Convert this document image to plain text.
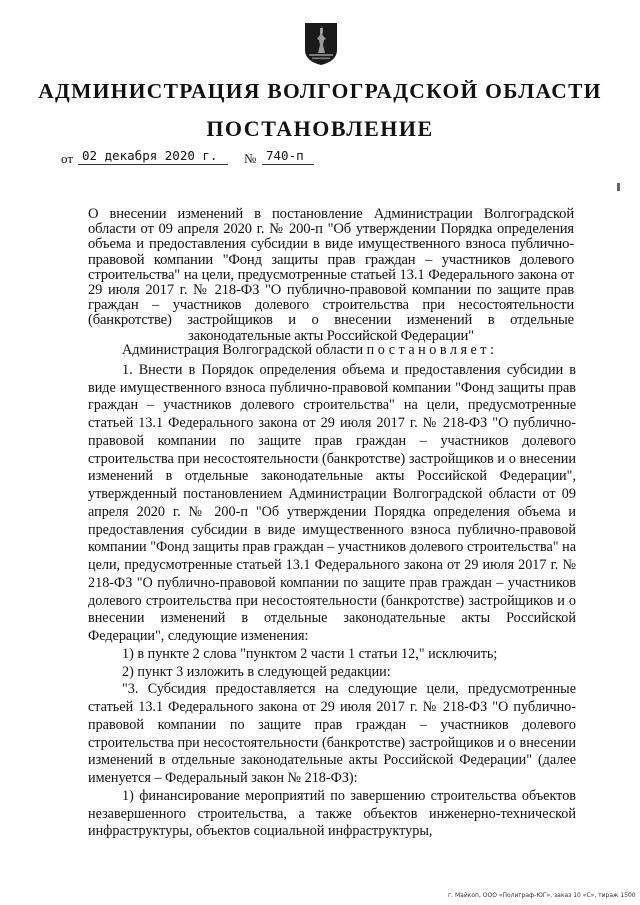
АДМИНИСТРАЦИЯ ВОЛГОГРАДСКОЙ ОБЛАСТИ
ПОСТАНОВЛЕНИЕ
от 02 декабря 2020 г.	№ 740-п

О внесении изменений в постановление Администрации Волгоградской области от 09 апреля 2020 г. № 200-п "Об утверждении Порядка определения объема и предоставления субсидии в виде имущественного взноса публично-правовой компании "Фонд защиты прав граждан – участников долевого строительства" на цели, предусмотренные статьей 13.1 Федерального закона от 29 июля 2017 г. № 218-ФЗ "О публично-правовой компании по защите прав граждан – участников долевого строительства при несостоятельности (банкротстве) застройщиков и о внесении изменений в отдельные законодательные акты Российской Федерации"

Администрация Волгоградской области постановляет:

1. Внести в Порядок определения объема и предоставления субсидии в виде имущественного взноса публично-правовой компании "Фонд защиты прав граждан – участников долевого строительства" на цели, предусмотренные статьей 13.1 Федерального закона от 29 июля 2017 г. № 218-ФЗ "О публично-правовой компании по защите прав граждан – участников долевого строительства при несостоятельности (банкротстве) застройщиков и о внесении изменений в отдельные законодательные акты Российской Федерации", утвержденный постановлением Администрации Волгоградской области от 09 апреля 2020 г. № 200-п "Об утверждении Порядка определения объема и предоставления субсидии в виде имущественного взноса публично-правовой компании "Фонд защиты прав граждан – участников долевого строительства" на цели, предусмотренные статьей 13.1 Федерального закона от 29 июля 2017 г. № 218-ФЗ "О публично-правовой компании по защите прав граждан – участников долевого строительства при несостоятельности (банкротстве) застройщиков и о внесении изменений в отдельные законодательные акты Российской Федерации", следующие изменения:

1) в пункте 2 слова "пунктом 2 части 1 статьи 12," исключить;

2) пункт 3 изложить в следующей редакции:

"3. Субсидия предоставляется на следующие цели, предусмотренные статьей 13.1 Федерального закона от 29 июля 2017 г. № 218-ФЗ "О публично-правовой компании по защите прав граждан – участников долевого строительства при несостоятельности (банкротстве) застройщиков и о внесении изменений в отдельные законодательные акты Российской Федерации" (далее именуется – Федеральный закон № 218-ФЗ):

1) финансирование мероприятий по завершению строительства объектов незавершенного строительства, а также объектов инженерно-технической инфраструктуры, объектов социальной инфраструктуры,

г. Майкоп, ООО «Полиграф-ЮГ», заказ 10 «С», тираж 1500
